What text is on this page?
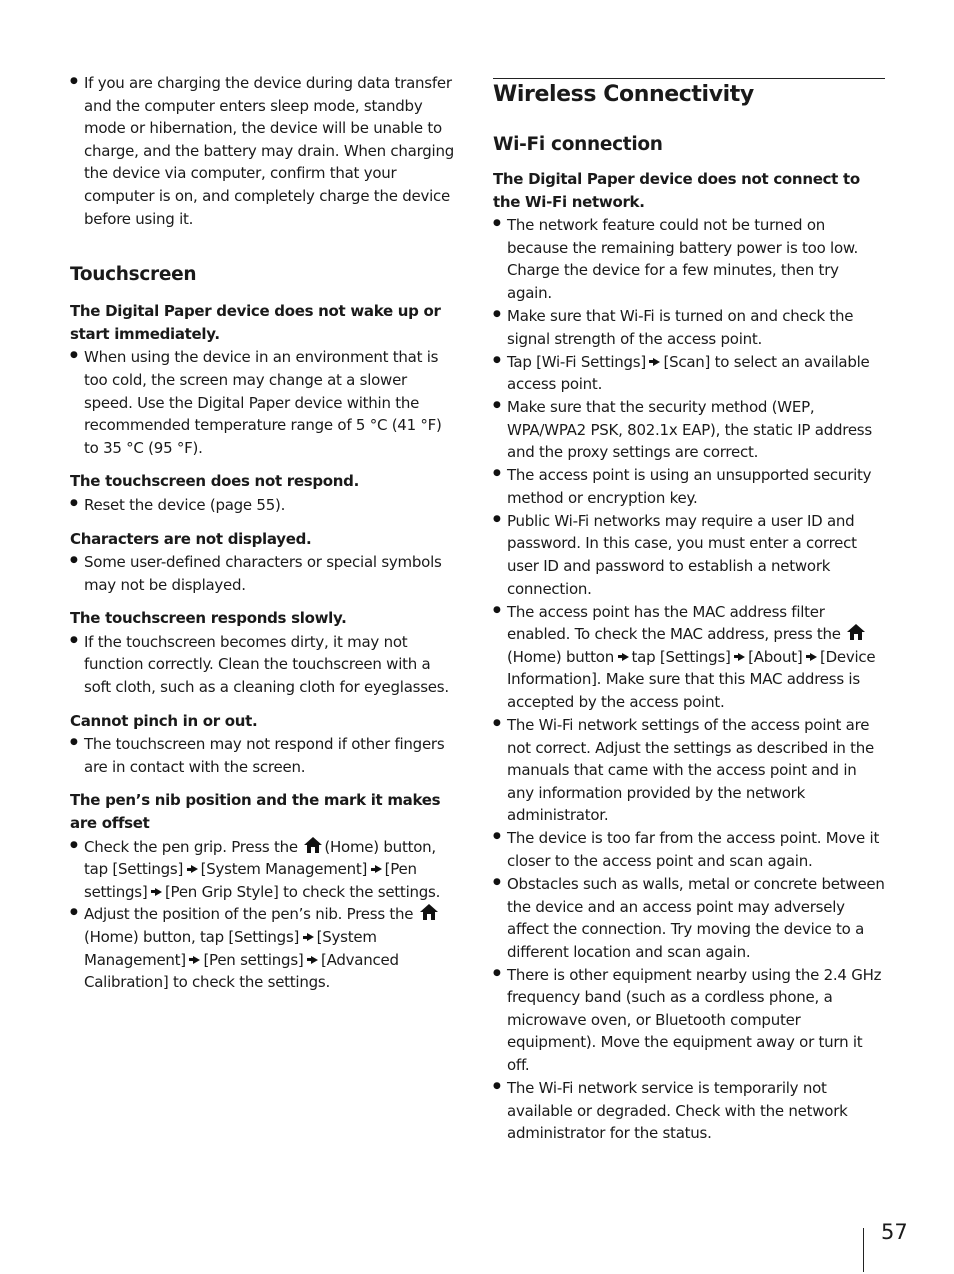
● If you are charging the device during data transfer and the computer enters sleep mode, standby mode or hibernation, the device will be unable to charge, and the battery may drain. When charging the device via computer, confirm that your computer is on, and completely charge the device before using it.
Touchscreen

The Digital Paper device does not wake up or start immediately.

● When using the device in an environment that is too cold, the screen may change at a slower speed. Use the Digital Paper device within the recommended temperature range of 5 °C (41 °F) to 35 °C (95 °F).

The touchscreen does not respond.

● Reset the device (page 55).

Characters are not displayed.

● Some user-defined characters or special symbols may not be displayed.

The touchscreen responds slowly.

● If the touchscreen becomes dirty, it may not function correctly. Clean the touchscreen with a soft cloth, such as a cleaning cloth for eyeglasses.

Cannot pinch in or out.

● The touchscreen may not respond if other fingers are in contact with the screen.

The pen’s nib position and the mark it makes are offset

● Check the pen grip. Press the (Home) button, tap [Settings] [System Management] [Pen settings] [Pen Grip Style] to check the settings.
● Adjust the position of the pen’s nib. Press the (Home) button, tap [Settings] [System Management] [Pen settings] [Advanced Calibration] to check the settings.
Wireless Connectivity
Wi-Fi connection

The Digital Paper device does not connect to the Wi-Fi network.

● The network feature could not be turned on because the remaining battery power is too low. Charge the device for a few minutes, then try again.
● Make sure that Wi-Fi is turned on and check the signal strength of the access point.
● Tap [Wi-Fi Settings] [Scan] to select an available access point.
● Make sure that the security method (WEP, WPA/WPA2 PSK, 802.1x EAP), the static IP address and the proxy settings are correct.
● The access point is using an unsupported security method or encryption key.
● Public Wi-Fi networks may require a user ID and password. In this case, you must enter a correct user ID and password to establish a network connection.
● The access point has the MAC address filter enabled. To check the MAC address, press the (Home) button tap [Settings] [About] [Device Information]. Make sure that this MAC address is accepted by the access point.
● The Wi-Fi network settings of the access point are not correct. Adjust the settings as described in the manuals that came with the access point and in any information provided by the network administrator.
● The device is too far from the access point. Move it closer to the access point and scan again.
● Obstacles such as walls, metal or concrete between the device and an access point may adversely affect the connection. Try moving the device to a different location and scan again.
● There is other equipment nearby using the 2.4 GHz frequency band (such as a cordless phone, a microwave oven, or Bluetooth computer equipment). Move the equipment away or turn it off.
● The Wi-Fi network service is temporarily not available or degraded. Check with the network administrator for the status.
57
